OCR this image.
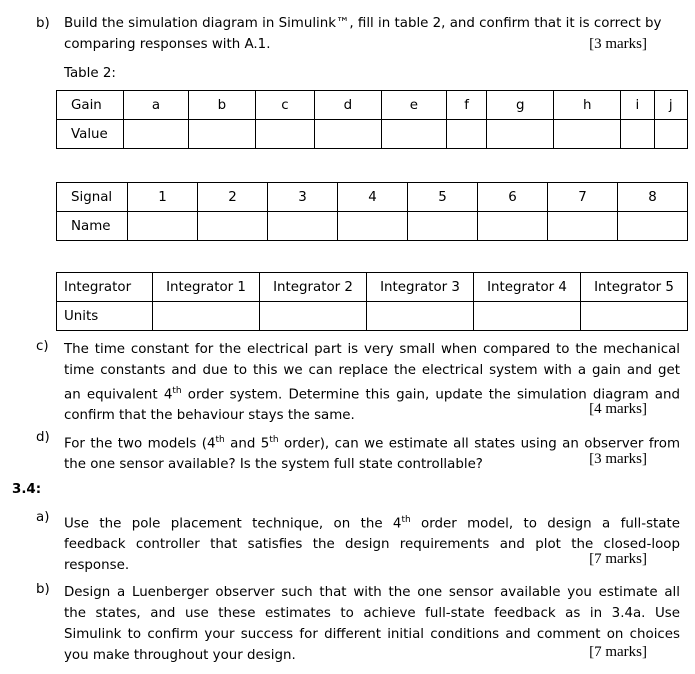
b) Build the simulation diagram in Simulink™, fill in table 2, and confirm that it is correct by
comparing responses with A.1.	[3 marks]
Table 2:
Gain	a	b	c	d	e	f	g	h	i	j
Value										
Signal	1	2	3	4	5	6	7	8
Name								
Integrator	Integrator 1	Integrator 2	Integrator 3	Integrator 4	Integrator 5
Units					
c) The time constant for the electrical part is very small when compared to the mechanical
time constants and due to this we can replace the electrical system with a gain and get
an equivalent 4th order system. Determine this gain, update the simulation diagram and
confirm that the behaviour stays the same.	[4 marks]
d) For the two models (4th and 5th order), can we estimate all states using an observer from
the one sensor available? Is the system full state controllable?	[3 marks]
3.4:
a) Use the pole placement technique, on the 4th order model, to design a full-state
feedback controller that satisfies the design requirements and plot the closed-loop
response.	[7 marks]
b) Design a Luenberger observer such that with the one sensor available you estimate all
the states, and use these estimates to achieve full-state feedback as in 3.4a. Use
Simulink to confirm your success for different initial conditions and comment on choices
you make throughout your design.	[7 marks]
